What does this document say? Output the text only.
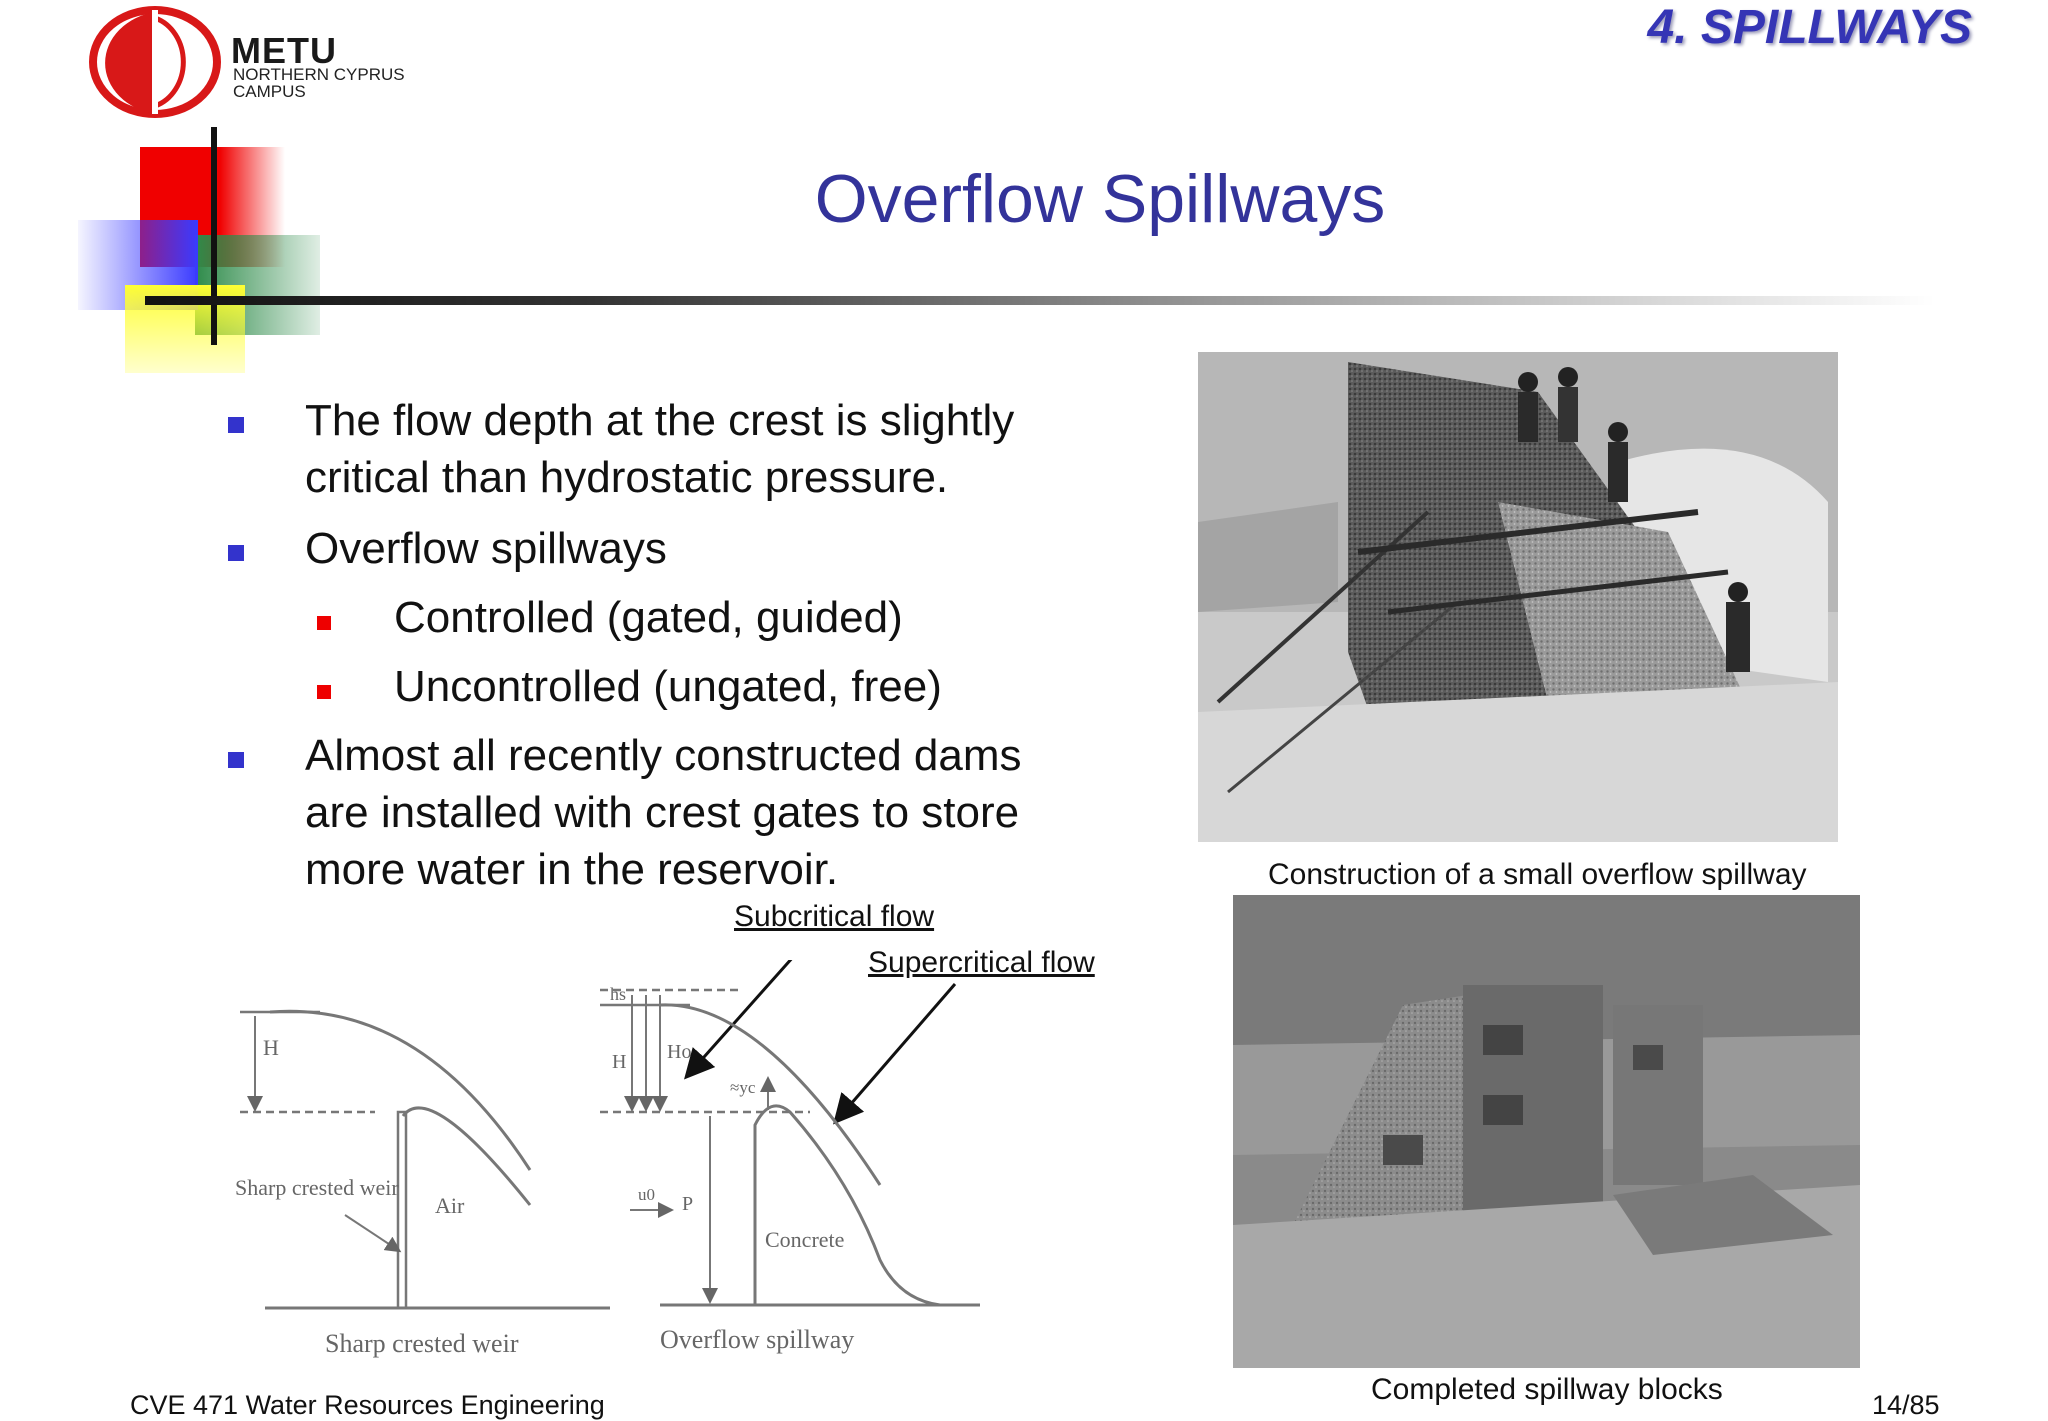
METU
NORTHERN CYPRUS
CAMPUS
4. SPILLWAYS
Overflow Spillways
The flow depth at the crest is slightly
critical than hydrostatic pressure.
Overflow spillways
Controlled (gated, guided)
Uncontrolled (ungated, free)
Almost all recently constructed dams
are installed with crest gates to store
more water in the reservoir.	Construction of a small overflow spillway
Completed spillway blocks
Subcritical flow
Supercritical flow
H
Sharp crested weir
Air
Sharp crested weir
hs
H Ho
≈yc
u0 P
Concrete
Overflow spillway
CVE 471 Water Resources Engineering	14/85
